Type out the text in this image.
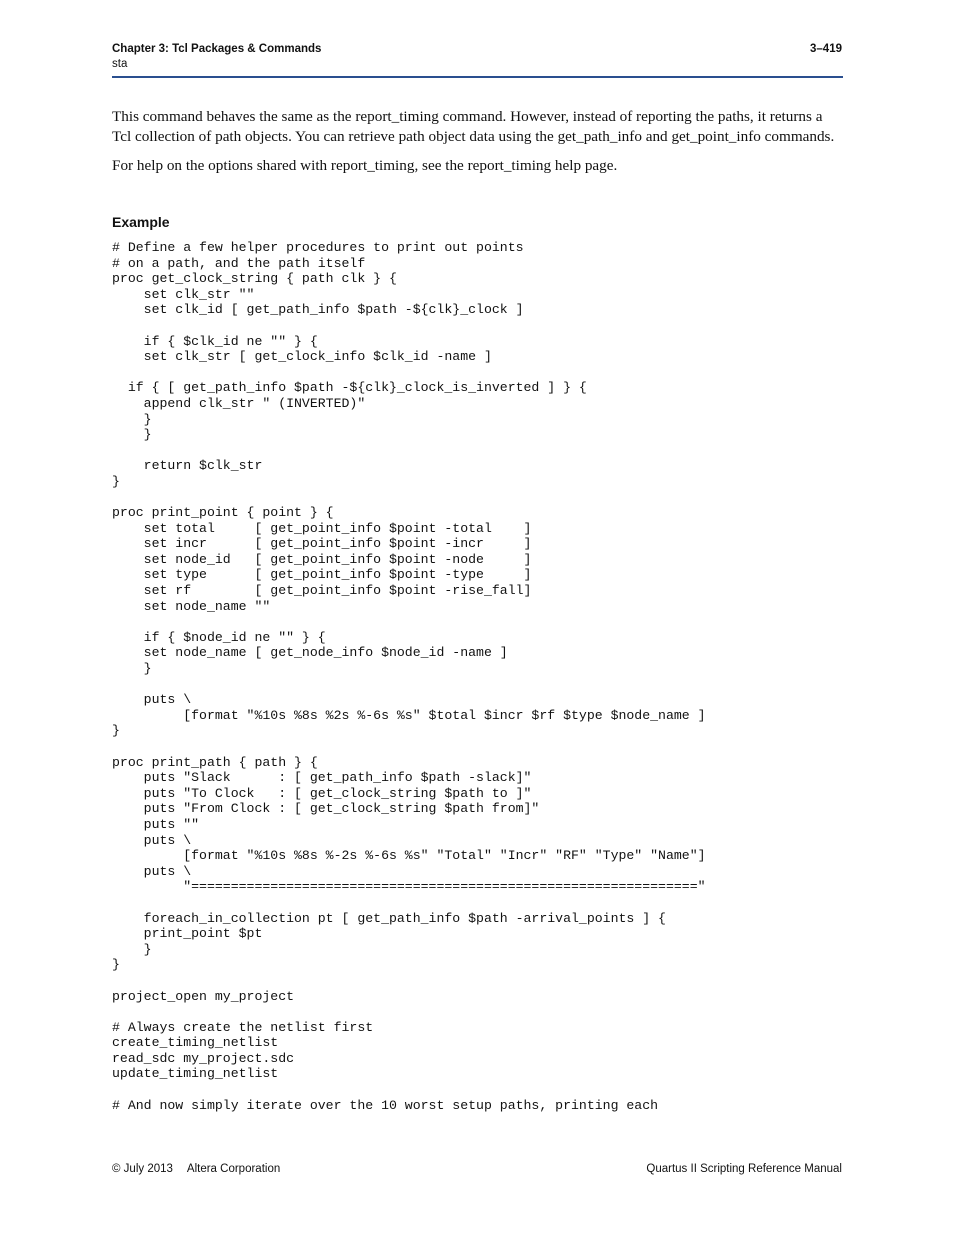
Chapter 3: Tcl Packages & Commands
sta
3–419

This command behaves the same as the report_timing command. However, instead of reporting the paths, it returns a Tcl collection of path objects. You can retrieve path object data using the get_path_info and get_point_info commands.

For help on the options shared with report_timing, see the report_timing help page.

Example
# Define a few helper procedures to print out points
# on a path, and the path itself
proc get_clock_string { path clk } {
set clk_str ""
set clk_id [ get_path_info $path -${clk}_clock ]

if { $clk_id ne "" } {
set clk_str [ get_clock_info $clk_id -name ]

if { [ get_path_info $path -${clk}_clock_is_inverted ] } {
append clk_str " (INVERTED)"
}
}

return $clk_str
}

proc print_point { point } {
set total     [ get_point_info $point -total    ]
set incr      [ get_point_info $point -incr     ]
set node_id   [ get_point_info $point -node     ]
set type      [ get_point_info $point -type     ]
set rf        [ get_point_info $point -rise_fall]
set node_name ""

if { $node_id ne "" } {
set node_name [ get_node_info $node_id -name ]
}

puts \
[format "%10s %8s %2s %-6s %s" $total $incr $rf $type $node_name ]
}

proc print_path { path } {
puts "Slack      : [ get_path_info $path -slack]"
puts "To Clock   : [ get_clock_string $path to ]"
puts "From Clock : [ get_clock_string $path from]"
puts ""
puts \
[format "%10s %8s %-2s %-6s %s" "Total" "Incr" "RF" "Type" "Name"]
puts \
"================================================================"

foreach_in_collection pt [ get_path_info $path -arrival_points ] {
print_point $pt
}
}

project_open my_project

# Always create the netlist first
create_timing_netlist
read_sdc my_project.sdc
update_timing_netlist

# And now simply iterate over the 10 worst setup paths, printing each
© July 2013 Altera Corporation	Quartus II Scripting Reference Manual
